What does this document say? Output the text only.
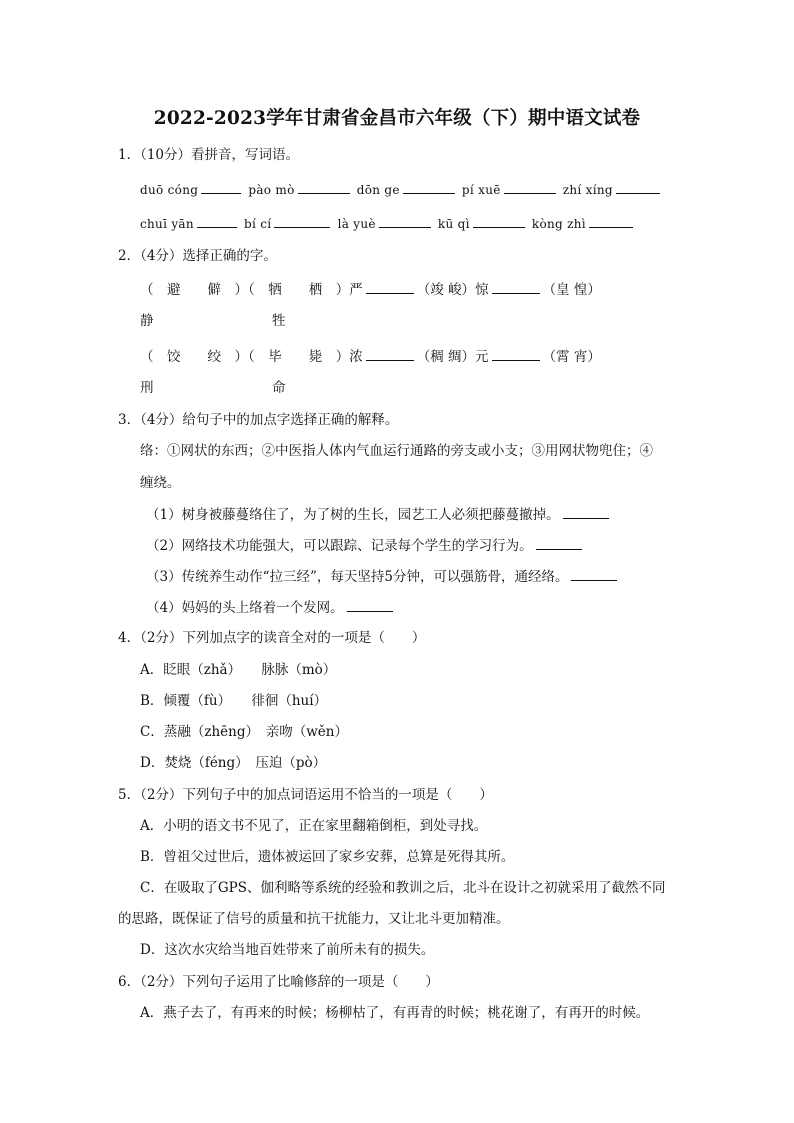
2022-2023学年甘肃省金昌市六年级（下）期中语文试卷
1．（10分）看拼音，写词语。
duō cóng	pào mò	dōn ge	pí xuē	zhí xíng
chuī yān	bí cí	là yuè	kū qì	kòng zhì
2．（4分）选择正确的字。
（　避　　僻　）（　牺　　栖　）严	（竣 峻）惊	（皇 惶）
静	牲
（　饺　　绞　）（　毕　　毙　）浓	（稠 绸）元	（霄 宵）
刑	命
3．（4分）给句子中的加点字选择正确的解释。
络：①网状的东西；②中医指人体内气血运行通路的旁支或小支；③用网状物兜住；④
缠绕。
（1）树身被藤蔓络住了，为了树的生长，园艺工人必须把藤蔓撤掉。
（2）网络技术功能强大，可以跟踪、记录每个学生的学习行为。
（3）传统养生动作“拉三经”，每天坚持5分钟，可以强筋骨，通经络。
（4）妈妈的头上络着一个发网。
4．（2分）下列加点字的读音全对的一项是（　　）
A．眨眼（zhǎ）　　脉脉（mò）
B．倾覆（fù）　　徘徊（huí）
C．蒸融（zhēng）　亲吻（wěn）
D．焚烧（féng）　压迫（pò）
5．（2分）下列句子中的加点词语运用不恰当的一项是（　　）
A．小明的语文书不见了，正在家里翻箱倒柜，到处寻找。
B．曾祖父过世后，遗体被运回了家乡安葬，总算是死得其所。
C．在吸取了GPS、伽利略等系统的经验和教训之后，北斗在设计之初就采用了截然不同
的思路，既保证了信号的质量和抗干扰能力，又让北斗更加精准。
D．这次水灾给当地百姓带来了前所未有的损失。
6．（2分）下列句子运用了比喻修辞的一项是（　　）
A．燕子去了，有再来的时候；杨柳枯了，有再青的时候；桃花谢了，有再开的时候。
